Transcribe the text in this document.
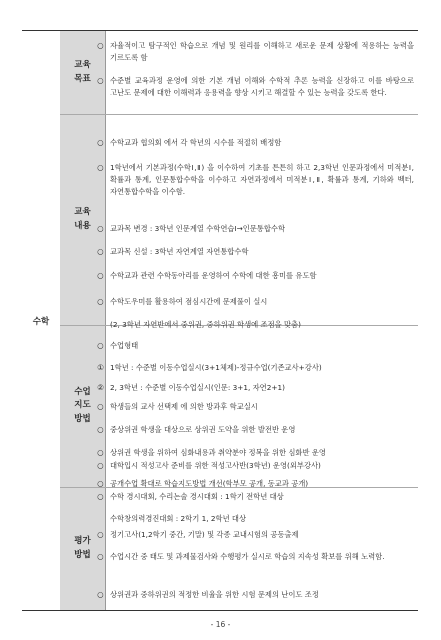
수학
교육
목표
교육
내용
수업
지도
방법
평가
방법
○ 자율적이고 탐구적인 학습으로 개념 및 원리를 이해하고 새로운 문제 상황에 적용하는 능력을 기르도록 함
○ 수준별 교육과정 운영에 의한 기본 개념 이해와 수학적 추론 능력을 신장하고 이를 바탕으로 고난도 문제에 대한 이해력과 응용력을 향상 시키고 해결할 수 있는 능력을 갖도록 한다.
○ 수학교과 협의회 에서 각 학년의 시수를 적절히 배정함
○ 1학년에서 기본과정(수학Ⅰ,Ⅱ) 을 이수하여 기초를 튼튼히 하고 2,3학년 인문과정에서 미적분Ⅰ, 확률과 통계, 인문통합수학을 이수하고 자연과정에서 미적분Ⅰ,Ⅱ, 확률과 통계, 기하와 벡터, 자연통합수학을 이수함.
○ 교과목 변경 : 3학년 인문계열 수학연습Ⅰ→인문통합수학
○ 교과목 신설 : 3학년 자연계열 자연통합수학
○ 수학교과 관련 수학동아리를 운영하여 수학에 대한 흥미를 유도함
○ 수학도우미를 활용하여 점심시간에 문제풀이 실시
(2, 3학년 자연반에서 중위권, 중하위권 학생에 조점을 맞춤)
○ 수업형태
① 1학년 : 수준별 이동수업실시(3+1체제)-정규수업(기존교사+강사)
② 2, 3학년 : 수준별 이동수업실시(인문: 3+1, 자연2+1)
○ 학생들의 교사 선택제 에 의한 방과후 학교실시
○ 중상위권 학생을 대상으로 상위권 도약을 위한 발전반 운영
○ 상위권 학생을 위하여 심화내용과 취약분야 정복을 위한 심화반 운영
○ 대학입시 적성고사 준비를 위한 적성고사반(3학년) 운영(외부강사)
○ 공개수업 확대로 학습지도방법 개선(학부모 공개, 동교과 공개)
○ 수학 경시대회, 수리논술 경시대회 : 1학기 전학년 대상
수학창의력경진대회 : 2학기 1, 2학년 대상
○ 정기고사(1,2학기 중간, 기말) 및 각종 교내시험의 공동출제
○ 수업시간 중 태도 및 과제물검사와 수행평가 실시로 학습의 지속성 확보를 위해 노력함.
○ 상위권과 중하위권의 적정한 비율을 위한 시험 문제의 난이도 조정
- 16 -
